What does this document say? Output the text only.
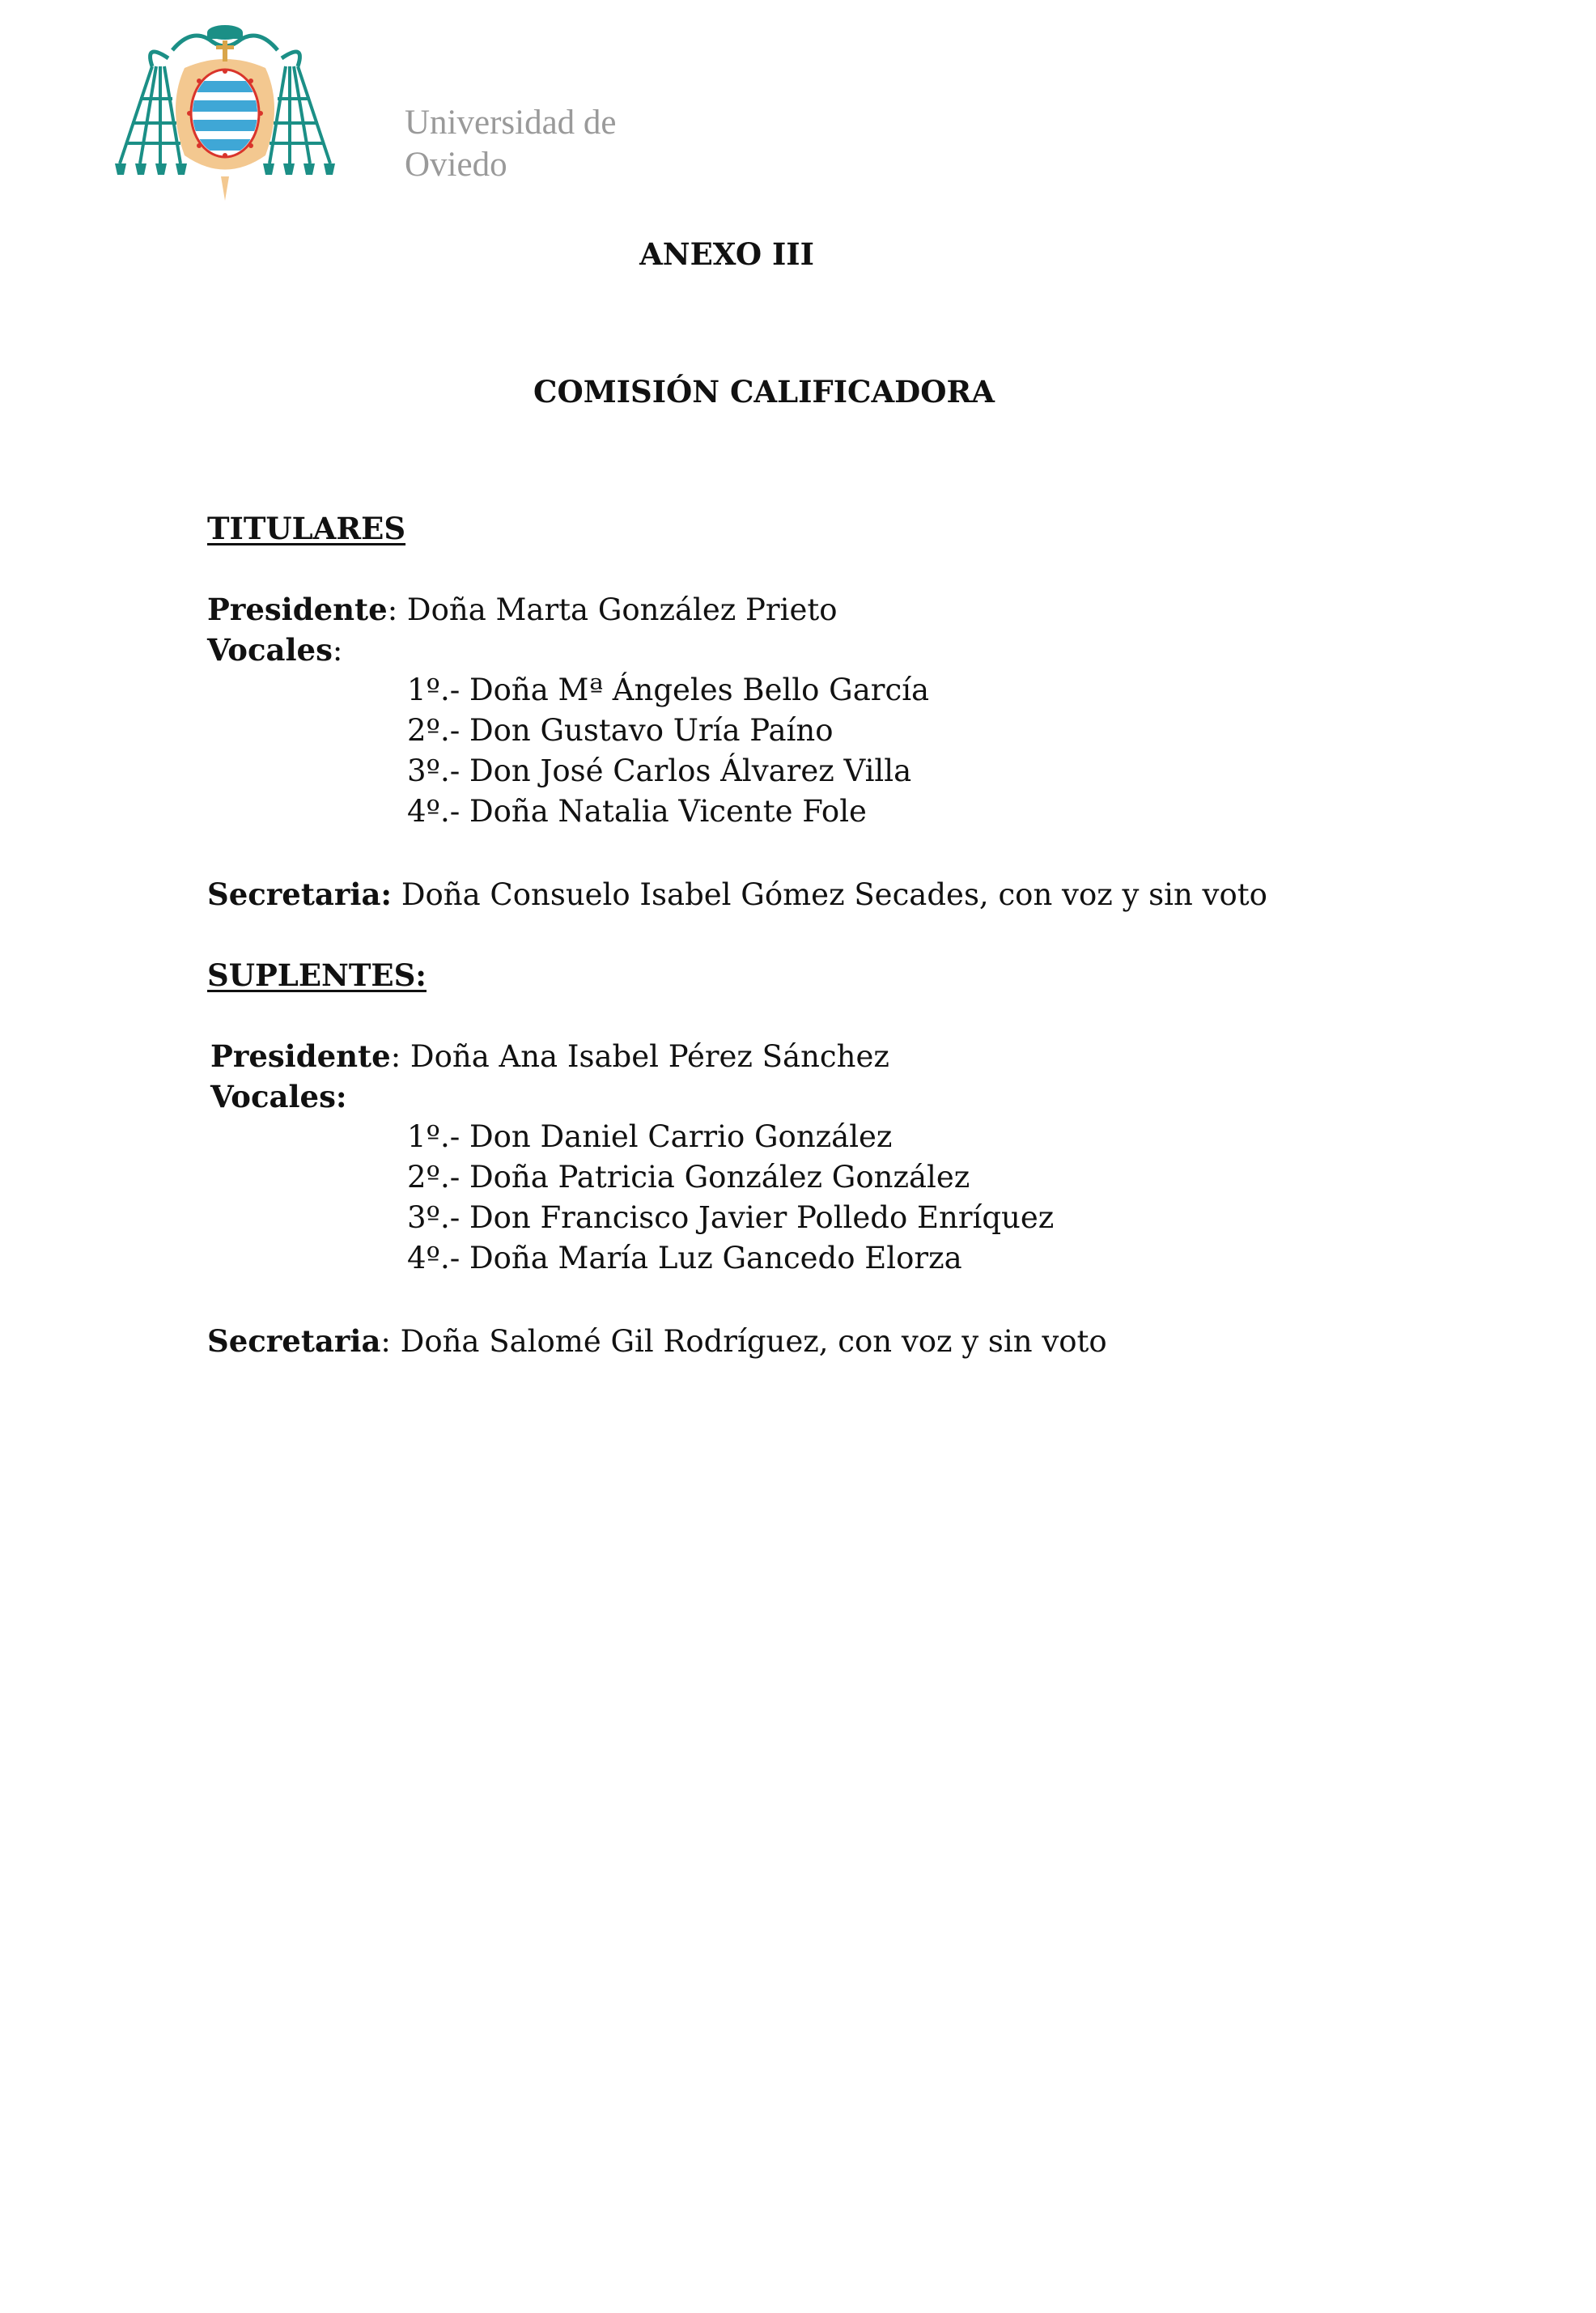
Universidad de
Oviedo
ANEXO III
COMISIÓN CALIFICADORA
TITULARES
Presidente: Doña Marta González Prieto
Vocales:
1º.- Doña Mª Ángeles Bello García
2º.- Don Gustavo Uría Paíno
3º.- Don José Carlos Álvarez Villa
4º.- Doña Natalia Vicente Fole
Secretaria: Doña Consuelo Isabel Gómez Secades, con voz y sin voto
SUPLENTES:
Presidente: Doña Ana Isabel Pérez Sánchez
Vocales:
1º.- Don Daniel Carrio González
2º.- Doña Patricia González González
3º.- Don Francisco Javier Polledo Enríquez
4º.- Doña María Luz Gancedo Elorza
Secretaria: Doña Salomé Gil Rodríguez, con voz y sin voto
